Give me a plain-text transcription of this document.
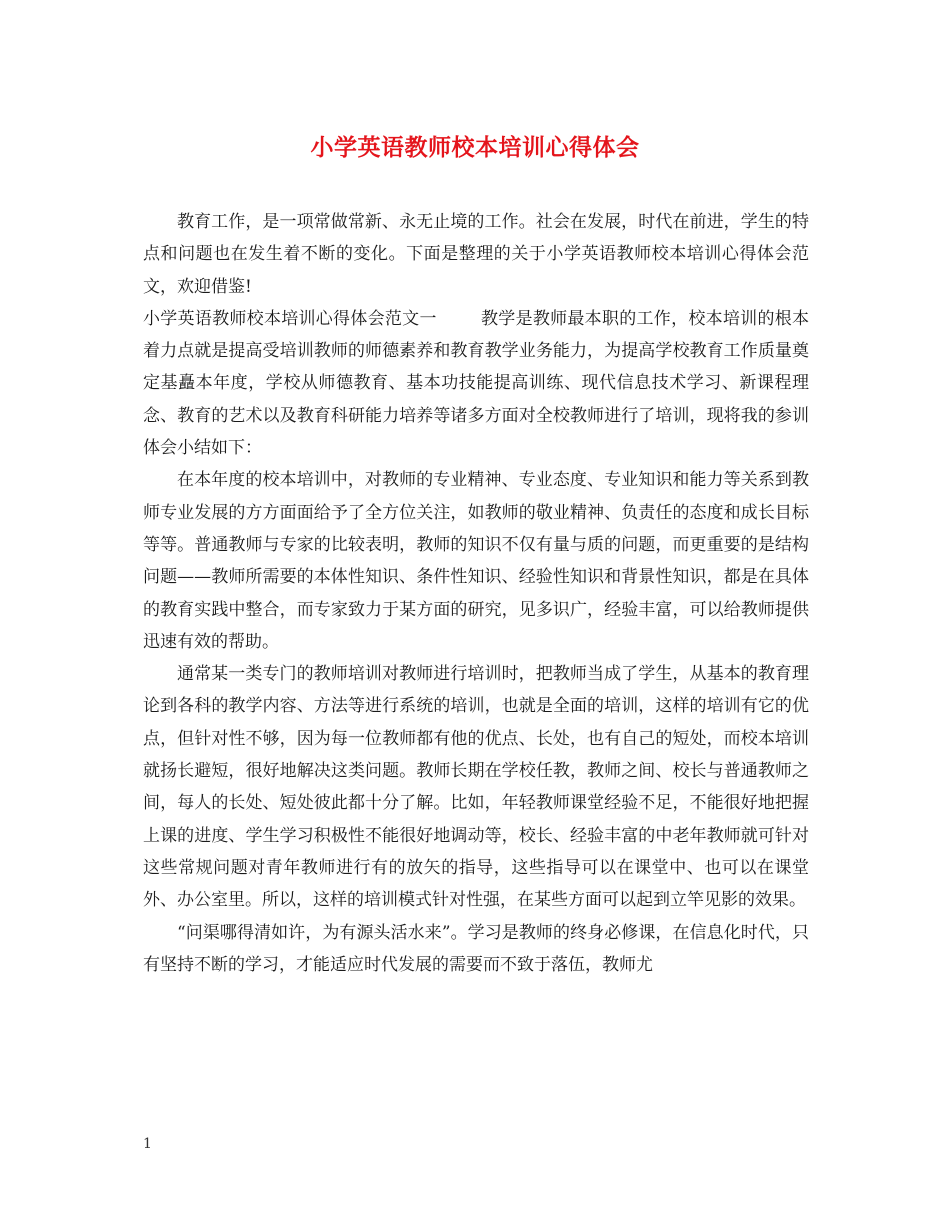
小学英语教师校本培训心得体会

教育工作，是一项常做常新、永无止境的工作。社会在发展，时代在前进，学生的特点和问题也在发生着不断的变化。下面是整理的关于小学英语教师校本培训心得体会范文，欢迎借鉴!

小学英语教师校本培训心得体会范文一	教学是教师最本职的工作，校本培训的根本着力点就是提高受培训教师的师德素养和教育教学业务能力，为提高学校教育工作质量奠定基矗本年度，学校从师德教育、基本功技能提高训练、现代信息技术学习、新课程理念、教育的艺术以及教育科研能力培养等诸多方面对全校教师进行了培训，现将我的参训体会小结如下：

在本年度的校本培训中，对教师的专业精神、专业态度、专业知识和能力等关系到教师专业发展的方方面面给予了全方位关注，如教师的敬业精神、负责任的态度和成长目标等等。普通教师与专家的比较表明，教师的知识不仅有量与质的问题，而更重要的是结构问题——教师所需要的本体性知识、条件性知识、经验性知识和背景性知识，都是在具体的教育实践中整合，而专家致力于某方面的研究，见多识广，经验丰富，可以给教师提供迅速有效的帮助。

通常某一类专门的教师培训对教师进行培训时，把教师当成了学生，从基本的教育理论到各科的教学内容、方法等进行系统的培训，也就是全面的培训，这样的培训有它的优点，但针对性不够，因为每一位教师都有他的优点、长处，也有自己的短处，而校本培训就扬长避短，很好地解决这类问题。教师长期在学校任教，教师之间、校长与普通教师之间，每人的长处、短处彼此都十分了解。比如，年轻教师课堂经验不足，不能很好地把握上课的进度、学生学习积极性不能很好地调动等，校长、经验丰富的中老年教师就可针对这些常规问题对青年教师进行有的放矢的指导，这些指导可以在课堂中、也可以在课堂外、办公室里。所以，这样的培训模式针对性强，在某些方面可以起到立竿见影的效果。

“问渠哪得清如许，为有源头活水来”。学习是教师的终身必修课，在信息化时代，只有坚持不断的学习，才能适应时代发展的需要而不致于落伍，教师尤

1
